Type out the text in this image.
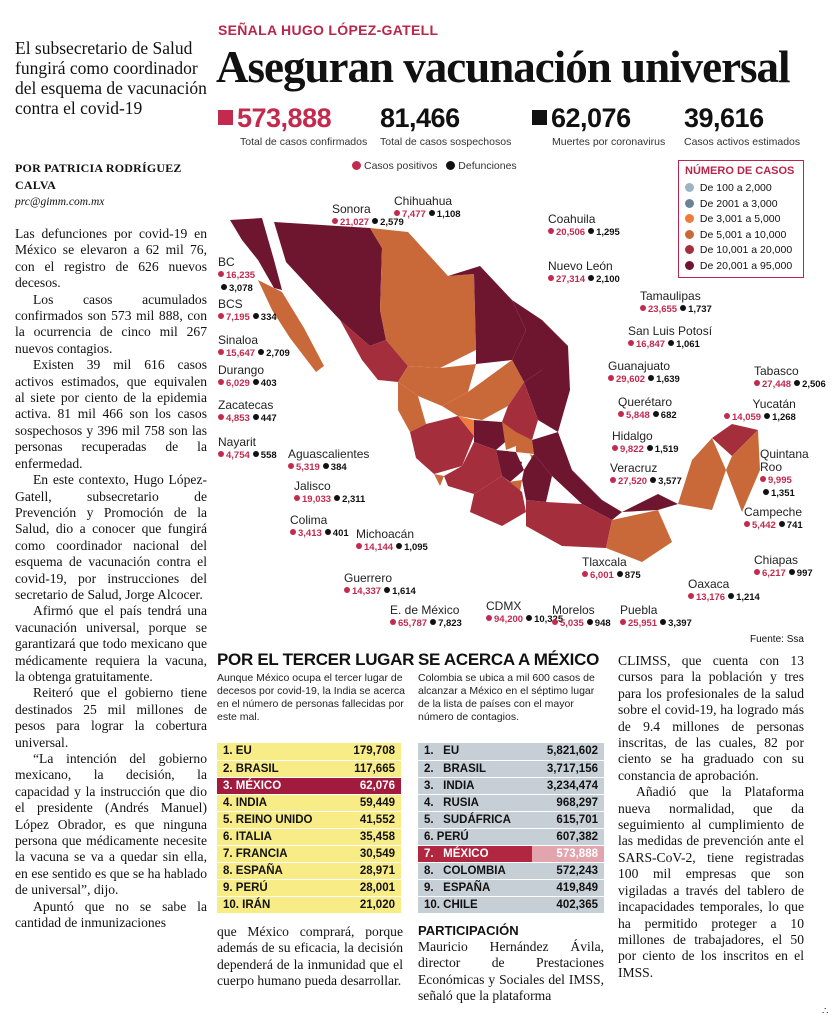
El subsecretario de Salud fungirá como coordinador del esquema de vacunación contra el covid-19
POR PATRICIA RODRÍGUEZ CALVA
prc@gimm.com.mx

Las defunciones por covid-19 en México se elevaron a 62 mil 76, con el registro de 626 nuevos decesos.

Los casos acumulados confirmados son 573 mil 888, con la ocurrencia de cinco mil 267 nuevos contagios.

Existen 39 mil 616 casos activos estimados, que equivalen al siete por ciento de la epidemia activa. 81 mil 466 son los casos sospechosos y 396 mil 758 son las personas recuperadas de la enfermedad.

En este contexto, Hugo López-Gatell, subsecretario de Prevención y Promoción de la Salud, dio a conocer que fungirá como coordinador nacional del esquema de vacunación contra el covid-19, por instrucciones del secretario de Salud, Jorge Alcocer.

Afirmó que el país tendrá una vacunación universal, porque se garantizará que todo mexicano que médicamente requiera la vacuna, la obtenga gratuitamente.

Reiteró que el gobierno tiene destinados 25 mil millones de pesos para lograr la cobertura universal.

“La intención del gobierno mexicano, la decisión, la capacidad y la instrucción que dio el presidente (Andrés Manuel) López Obrador, es que ninguna persona que médicamente necesite la vacuna se va a quedar sin ella, en ese sentido es que se ha hablado de universal”, dijo.

Apuntó que no se sabe la cantidad de inmunizaciones

SEÑALA HUGO LÓPEZ-GATELL
Aseguran vacunación universal
573,888
Total de casos confirmados
81,466
Total de casos sospechosos
62,076
Muertes por coronavirus
39,616
Casos activos estimados
Casos positivos Defunciones
Sonora
21,027 2,579
Chihuahua
7,477 1,108	Coahuila
20,506 1,295
Nuevo León
27,314 2,100
BC
16,235
3,078
BCS
7,195 334
Tamaulipas
23,655 1,737
San Luis Potosí
16,847 1,061
Sinaloa
15,647 2,709
Durango
6,029 403
Guanajuato
29,602 1,639
Tabasco
27,448 2,506
Zacatecas
4,853 447
Querétaro
5,848 682
Yucatán
14,059 1,268
Nayarit
4,754 558
Hidalgo
9,822 1,519
Aguascalientes
5,319 384
Quintana Roo
9,995
1,351
Veracruz
27,520 3,577
Jalisco
19,033 2,311
Campeche
5,442 741
Colima
3,413 401 Michoacán
14,144 1,095
Tlaxcala
6,001 875
Chiapas
6,217 997
Guerrero
14,337 1,614
Oaxaca
13,176 1,214
E. de México
65,787 7,823
CDMX
94,200 10,325
Morelos
5,035 948
Puebla
25,951 3,397
NÚMERO DE CASOS
De 100 a 2,000
De 2001 a 3,000
De 3,001 a 5,000
De 5,001 a 10,000
De 10,001 a 20,000
De 20,001 a 95,000
Fuente: Ssa
POR EL TERCER LUGAR
Aunque México ocupa el tercer lugar de decesos por covid-19, la India se acerca en el número de personas fallecidas por este mal.
1. EU	179,708
2. BRASIL	117,665
3. MÉXICO	62,076
4. INDIA	59,449
5. REINO UNIDO	41,552
6. ITALIA	35,458
7. FRANCIA	30,549
8. ESPAÑA	28,971
9. PERÚ	28,001
10. IRÁN	21,020
SE ACERCA A MÉXICO
Colombia se ubica a mil 600 casos de alcanzar a México en el séptimo lugar de la lista de países con el mayor número de contagios.
1.   EU	5,821,602
2.   BRASIL	3,717,156
3.   INDIA	3,234,474
4.   RUSIA	968,297
5.   SUDÁFRICA	615,701
6. PERÚ	607,382
7.   MÉXICO	573,888
8.   COLOMBIA	572,243
9.   ESPAÑA	419,849
10. CHILE	402,365
que México comprará, porque además de su eficacia, la decisión dependerá de la inmunidad que el cuerpo humano pueda desarrollar.
PARTICIPACIÓN
Mauricio Hernández Ávila, director de Prestaciones Económicas y Sociales del IMSS, señaló que la plataforma

CLIMSS, que cuenta con 13 cursos para la población y tres para los profesionales de la salud sobre el covid-19, ha logrado más de 9.4 millones de personas inscritas, de las cuales, 82 por ciento se ha graduado con su constancia de aprobación.

Añadió que la Plataforma nueva normalidad, que da seguimiento al cumplimiento de las medidas de prevención ante el SARS-CoV-2, tiene registradas 100 mil empresas que son vigiladas a través del tablero de incapacidades temporales, lo que ha permitido proteger a 10 millones de trabajadores, el 50 por ciento de los inscritos en el IMSS.

∴
